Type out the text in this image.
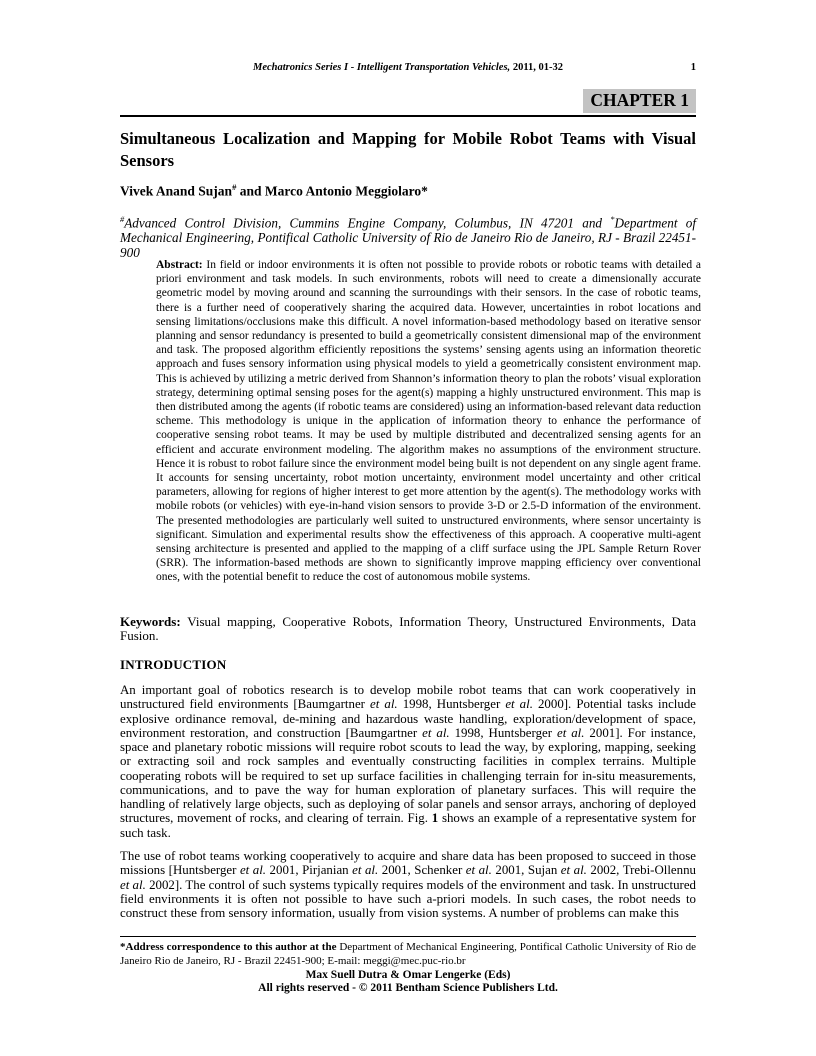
Mechatronics Series I - Intelligent Transportation Vehicles, 2011, 01-32	1
CHAPTER 1
Simultaneous Localization and Mapping for Mobile Robot Teams with Visual Sensors
Vivek Anand Sujan# and Marco Antonio Meggiolaro*
#Advanced Control Division, Cummins Engine Company, Columbus, IN 47201 and *Department of Mechanical Engineering, Pontifical Catholic University of Rio de Janeiro Rio de Janeiro, RJ - Brazil 22451-900
Abstract: In field or indoor environments it is often not possible to provide robots or robotic teams with detailed a priori environment and task models. In such environments, robots will need to create a dimensionally accurate geometric model by moving around and scanning the surroundings with their sensors. In the case of robotic teams, there is a further need of cooperatively sharing the acquired data. However, uncertainties in robot locations and sensing limitations/occlusions make this difficult. A novel information-based methodology based on iterative sensor planning and sensor redundancy is presented to build a geometrically consistent dimensional map of the environment and task. The proposed algorithm efficiently repositions the systems’ sensing agents using an information theoretic approach and fuses sensory information using physical models to yield a geometrically consistent environment map. This is achieved by utilizing a metric derived from Shannon’s information theory to plan the robots’ visual exploration strategy, determining optimal sensing poses for the agent(s) mapping a highly unstructured environment. This map is then distributed among the agents (if robotic teams are considered) using an information-based relevant data reduction scheme. This methodology is unique in the application of information theory to enhance the performance of cooperative sensing robot teams. It may be used by multiple distributed and decentralized sensing agents for an efficient and accurate environment modeling. The algorithm makes no assumptions of the environment structure. Hence it is robust to robot failure since the environment model being built is not dependent on any single agent frame. It accounts for sensing uncertainty, robot motion uncertainty, environment model uncertainty and other critical parameters, allowing for regions of higher interest to get more attention by the agent(s). The methodology works with mobile robots (or vehicles) with eye-in-hand vision sensors to provide 3-D or 2.5-D information of the environment. The presented methodologies are particularly well suited to unstructured environments, where sensor uncertainty is significant. Simulation and experimental results show the effectiveness of this approach. A cooperative multi-agent sensing architecture is presented and applied to the mapping of a cliff surface using the JPL Sample Return Rover (SRR). The information-based methods are shown to significantly improve mapping efficiency over conventional ones, with the potential benefit to reduce the cost of autonomous mobile systems.
Keywords: Visual mapping, Cooperative Robots, Information Theory, Unstructured Environments, Data Fusion.
INTRODUCTION
An important goal of robotics research is to develop mobile robot teams that can work cooperatively in unstructured field environments [Baumgartner et al. 1998, Huntsberger et al. 2000]. Potential tasks include explosive ordinance removal, de-mining and hazardous waste handling, exploration/development of space, environment restoration, and construction [Baumgartner et al. 1998, Huntsberger et al. 2001]. For instance, space and planetary robotic missions will require robot scouts to lead the way, by exploring, mapping, seeking or extracting soil and rock samples and eventually constructing facilities in complex terrains. Multiple cooperating robots will be required to set up surface facilities in challenging terrain for in-situ measurements, communications, and to pave the way for human exploration of planetary surfaces. This will require the handling of relatively large objects, such as deploying of solar panels and sensor arrays, anchoring of deployed structures, movement of rocks, and clearing of terrain. Fig. 1 shows an example of a representative system for such task.
The use of robot teams working cooperatively to acquire and share data has been proposed to succeed in those missions [Huntsberger et al. 2001, Pirjanian et al. 2001, Schenker et al. 2001, Sujan et al. 2002, Trebi-Ollennu et al. 2002]. The control of such systems typically requires models of the environment and task. In unstructured field environments it is often not possible to have such a-priori models. In such cases, the robot needs to construct these from sensory information, usually from vision systems. A number of problems can make this
*Address correspondence to this author at the Department of Mechanical Engineering, Pontifical Catholic University of Rio de Janeiro Rio de Janeiro, RJ - Brazil 22451-900; E-mail: meggi@mec.puc-rio.br
Max Suell Dutra & Omar Lengerke (Eds)
All rights reserved - © 2011 Bentham Science Publishers Ltd.
